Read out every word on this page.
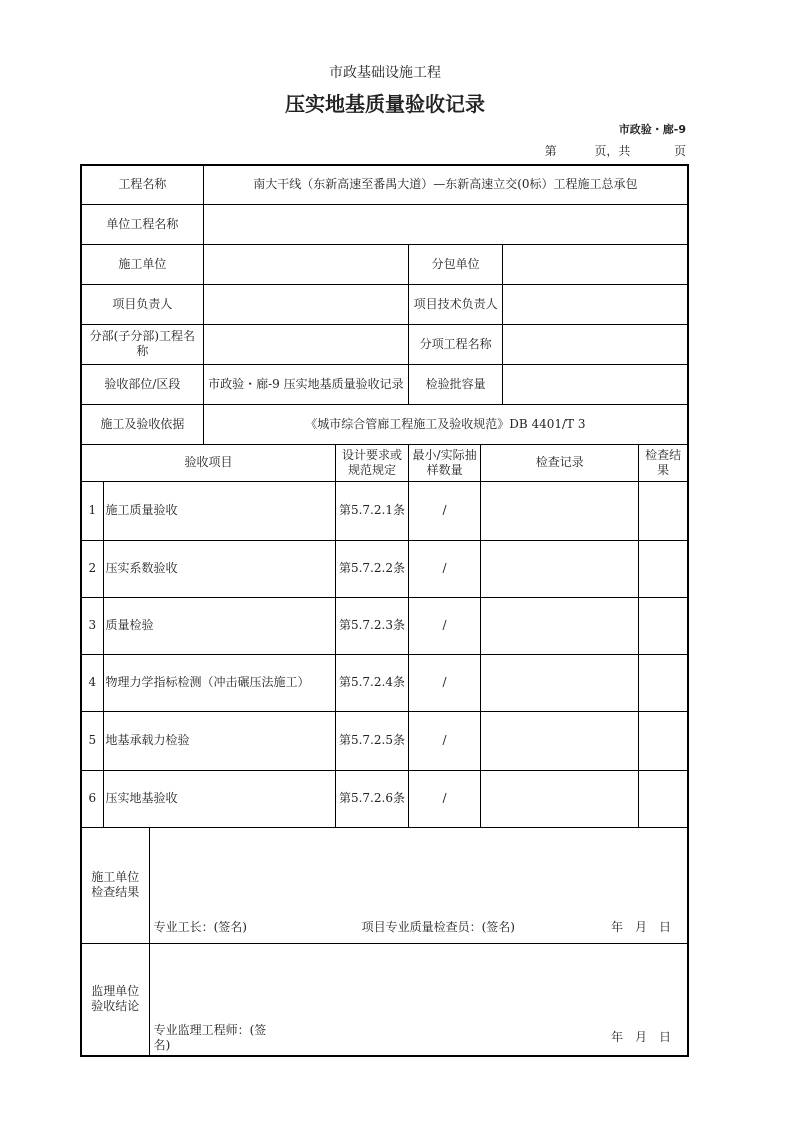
市政基础设施工程
压实地基质量验收记录
市政验・廊-9
第	页，共	页
工程名称			南大干线（东新高速至番禺大道）—东新高速立交(0标）工程施工总承包					
单位工程名称								
施工单位					分包单位			
项目负责人					项目技术负责人			
分部(子分部)工程名称					分项工程名称			
验收部位/区段			市政验・廊-9 压实地基质量验收记录		检验批容量			
施工及验收依据			《城市综合管廊工程施工及验收规范》DB 4401/T 3					
验收项目				设计要求或规范规定	最小/实际抽样数量	检查记录		检查结果
1	施工质量验收			第5.7.2.1条	/			
2	压实系数验收			第5.7.2.2条	/			
3	质量检验			第5.7.2.3条	/			
4	物理力学指标检测（冲击碾压法施工）			第5.7.2.4条	/			
5	地基承载力检验			第5.7.2.5条	/			
6	压实地基验收			第5.7.2.6条	/			
施工单位检查结果		专业工长：(签名) 项目专业质量检查员：(签名) 年　月　日						

监理单位验收结论		专业监理工程师：(签名)
年　月　日						
